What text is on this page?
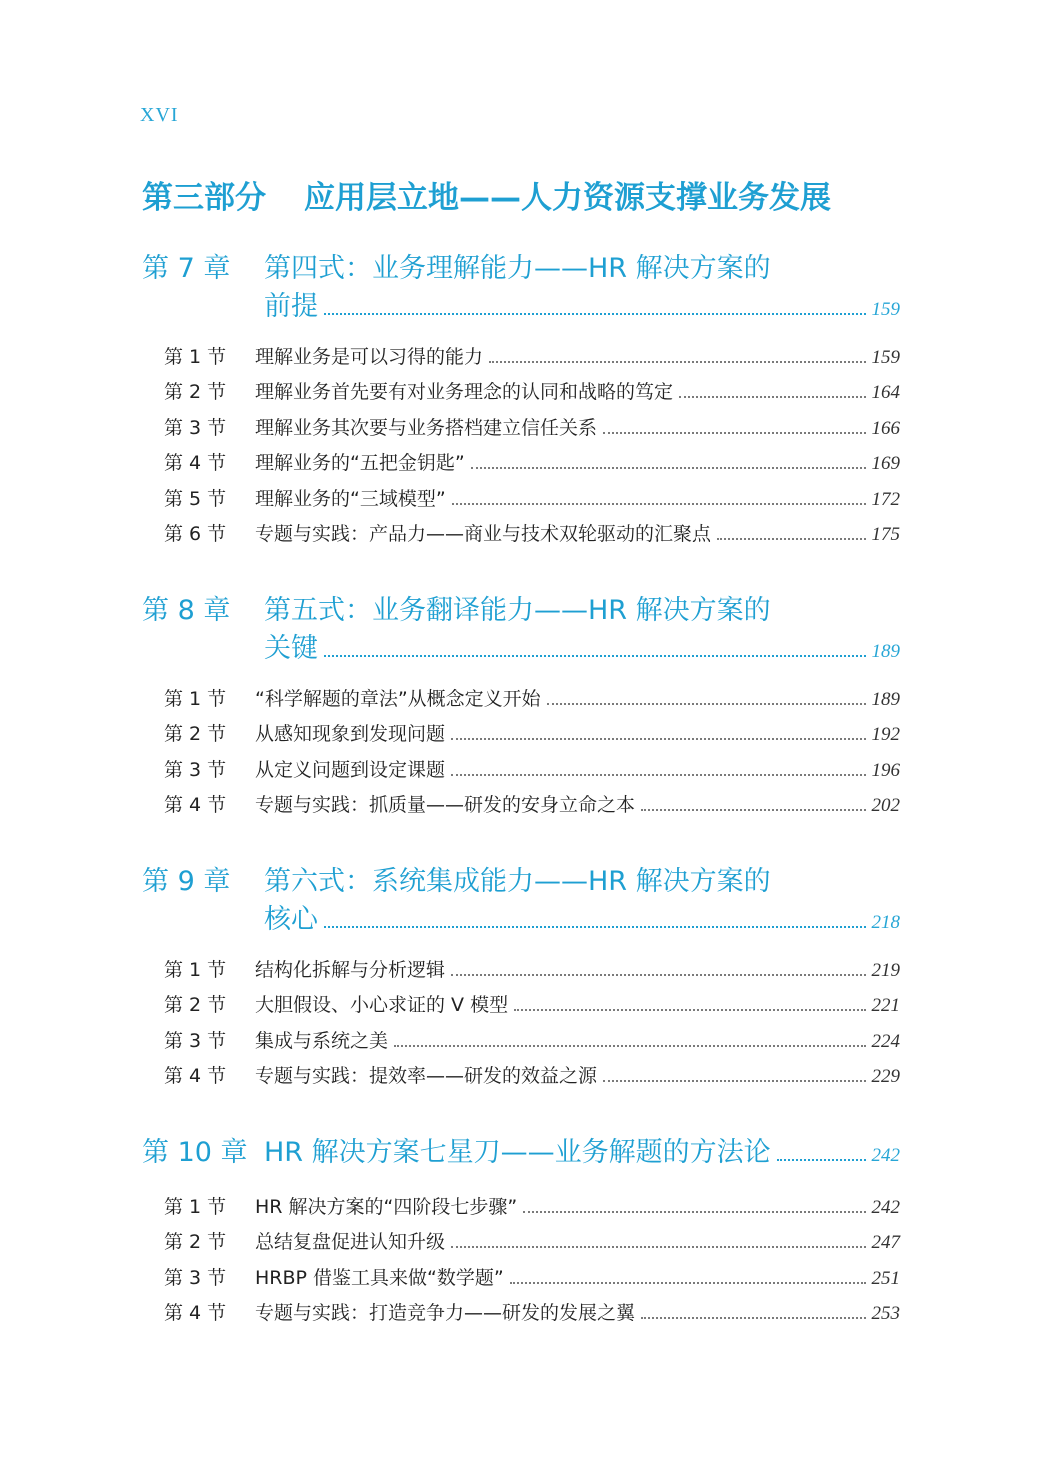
XVI
第三部分 应用层立地——人力资源支撑业务发展
第 7 章	第四式：业务理解能力——HR 解决方案的
前提	159
第 1 节	理解业务是可以习得的能力	159
第 2 节	理解业务首先要有对业务理念的认同和战略的笃定	164
第 3 节	理解业务其次要与业务搭档建立信任关系	166
第 4 节	理解业务的“五把金钥匙”	169
第 5 节	理解业务的“三域模型”	172
第 6 节	专题与实践：产品力——商业与技术双轮驱动的汇聚点	175
第 8 章	第五式：业务翻译能力——HR 解决方案的
关键	189
第 1 节	“科学解题的章法”从概念定义开始	189
第 2 节	从感知现象到发现问题	192
第 3 节	从定义问题到设定课题	196
第 4 节	专题与实践：抓质量——研发的安身立命之本	202
第 9 章	第六式：系统集成能力——HR 解决方案的
核心	218
第 1 节	结构化拆解与分析逻辑	219
第 2 节	大胆假设、小心求证的 V 模型	221
第 3 节	集成与系统之美	224
第 4 节	专题与实践：提效率——研发的效益之源	229
第 10 章 HR 解决方案七星刀——业务解题的方法论	242
第 1 节	HR 解决方案的“四阶段七步骤”	242
第 2 节	总结复盘促进认知升级	247
第 3 节	HRBP 借鉴工具来做“数学题”	251
第 4 节	专题与实践：打造竞争力——研发的发展之翼	253
